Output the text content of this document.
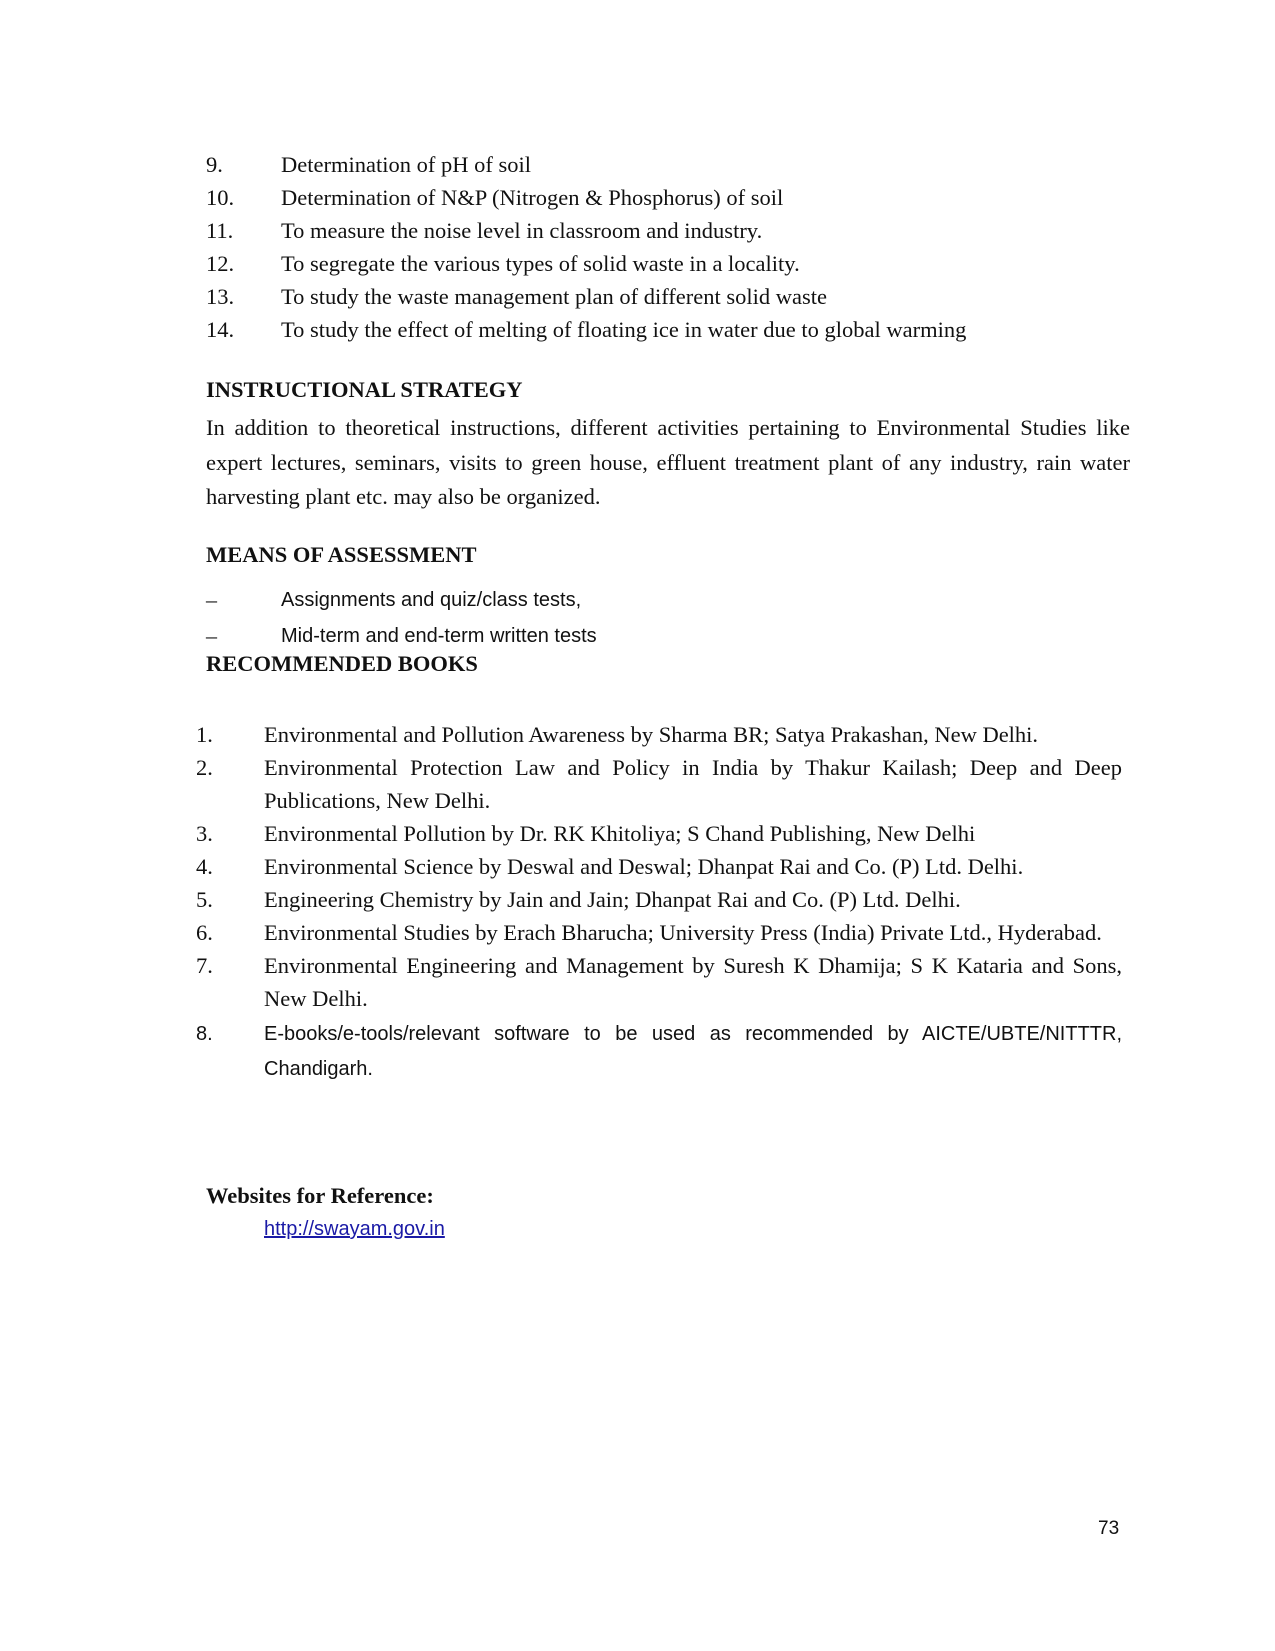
9.	Determination of pH of soil
10.	Determination of N&P (Nitrogen & Phosphorus) of soil
11.	To measure the noise level in classroom and industry.
12.	To segregate the various types of solid waste in a locality.
13.	To study the waste management plan of different solid waste
14.	To study the effect of melting of floating ice in water due to global warming
INSTRUCTIONAL STRATEGY

In addition to theoretical instructions, different activities pertaining to Environmental Studies like expert lectures, seminars, visits to green house, effluent treatment plant of any industry, rain water harvesting plant etc. may also be organized.

MEANS OF ASSESSMENT
–	Assignments and quiz/class tests,
–	Mid-term and end-term written tests
RECOMMENDED BOOKS
1.	Environmental and Pollution Awareness by Sharma BR; Satya Prakashan, New Delhi.
2.	Environmental Protection Law and Policy in India by Thakur Kailash; Deep and Deep Publications, New Delhi.
3.	Environmental Pollution by Dr. RK Khitoliya; S Chand Publishing, New Delhi
4.	Environmental Science by Deswal and Deswal; Dhanpat Rai and Co. (P) Ltd. Delhi.
5.	Engineering Chemistry by Jain and Jain; Dhanpat Rai and Co. (P) Ltd. Delhi.
6.	Environmental Studies by Erach Bharucha; University Press (India) Private Ltd., Hyderabad.
7.	Environmental Engineering and Management by Suresh K Dhamija; S K Kataria and Sons, New Delhi.
8.	E-books/e-tools/relevant software to be used as recommended by AICTE/UBTE/NITTTR, Chandigarh.
Websites for Reference:
http://swayam.gov.in
73
